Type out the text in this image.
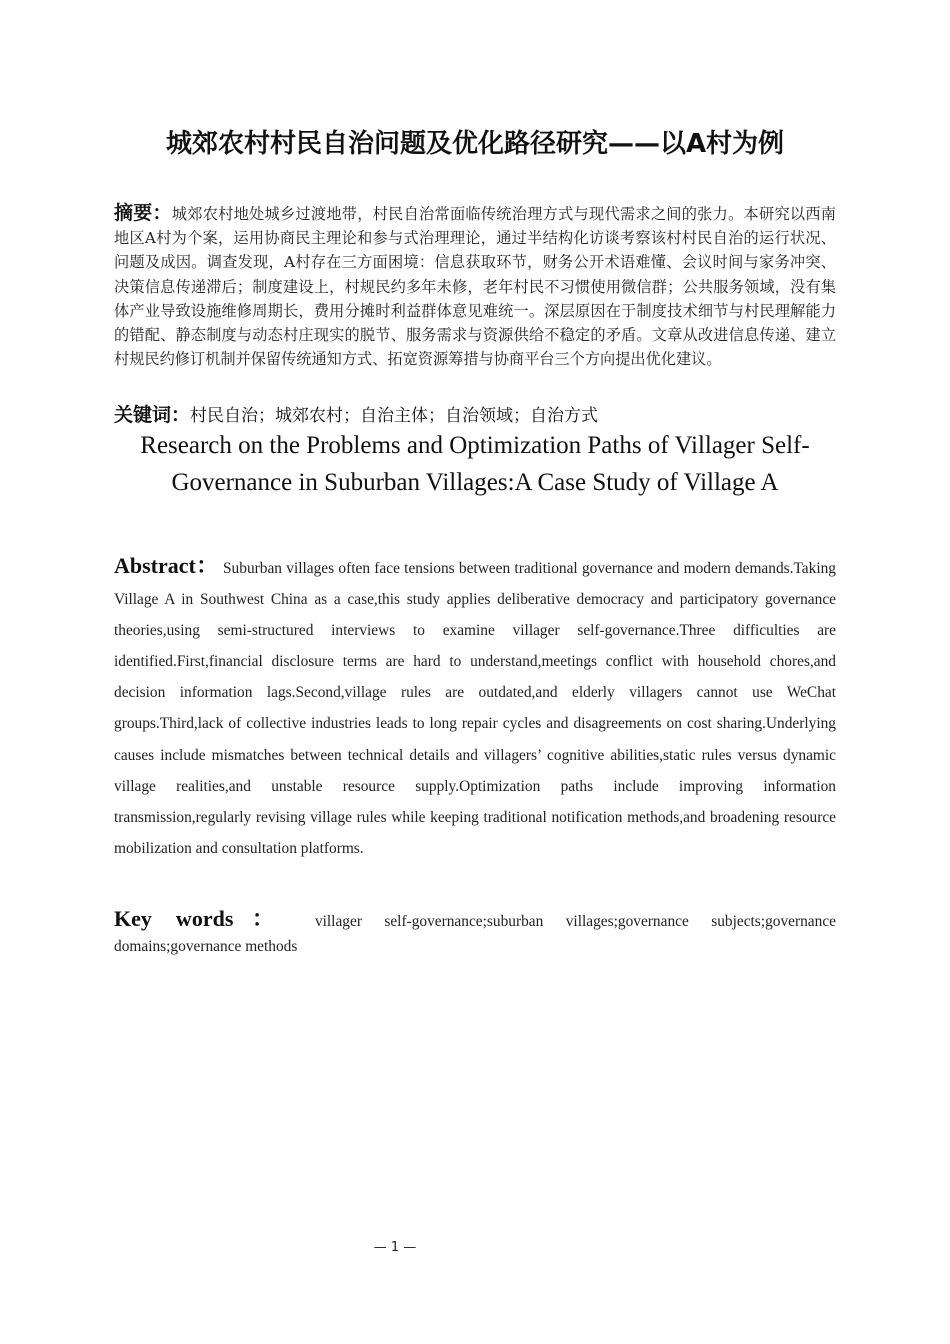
城郊农村村民自治问题及优化路径研究——以A村为例

摘要：城郊农村地处城乡过渡地带，村民自治常面临传统治理方式与现代需求之间的张力。本研究以西南地区A村为个案，运用协商民主理论和参与式治理理论，通过半结构化访谈考察该村村民自治的运行状况、问题及成因。调查发现，A村存在三方面困境：信息获取环节，财务公开术语难懂、会议时间与家务冲突、决策信息传递滞后；制度建设上，村规民约多年未修，老年村民不习惯使用微信群；公共服务领域，没有集体产业导致设施维修周期长，费用分摊时利益群体意见难统一。深层原因在于制度技术细节与村民理解能力的错配、静态制度与动态村庄现实的脱节、服务需求与资源供给不稳定的矛盾。文章从改进信息传递、建立村规民约修订机制并保留传统通知方式、拓宽资源筹措与协商平台三个方向提出优化建议。

关键词：村民自治；城郊农村；自治主体；自治领域；自治方式

Research on the Problems and Optimization Paths of Villager Self-Governance in Suburban Villages:A Case Study of Village A

Abstract： Suburban villages often face tensions between traditional governance and modern demands.Taking Village A in Southwest China as a case,this study applies deliberative democracy and participatory governance theories,using semi-structured interviews to examine villager self-governance.Three difficulties are identified.First,financial disclosure terms are hard to understand,meetings conflict with household chores,and decision information lags.Second,village rules are outdated,and elderly villagers cannot use WeChat groups.Third,lack of collective industries leads to long repair cycles and disagreements on cost sharing.Underlying causes include mismatches between technical details and villagers’ cognitive abilities,static rules versus dynamic village realities,and unstable resource supply.Optimization paths include improving information transmission,regularly revising village rules while keeping traditional notification methods,and broadening resource mobilization and consultation platforms.

Key words： villager self-governance;suburban villages;governance subjects;governance domains;governance methods

— 1 —
